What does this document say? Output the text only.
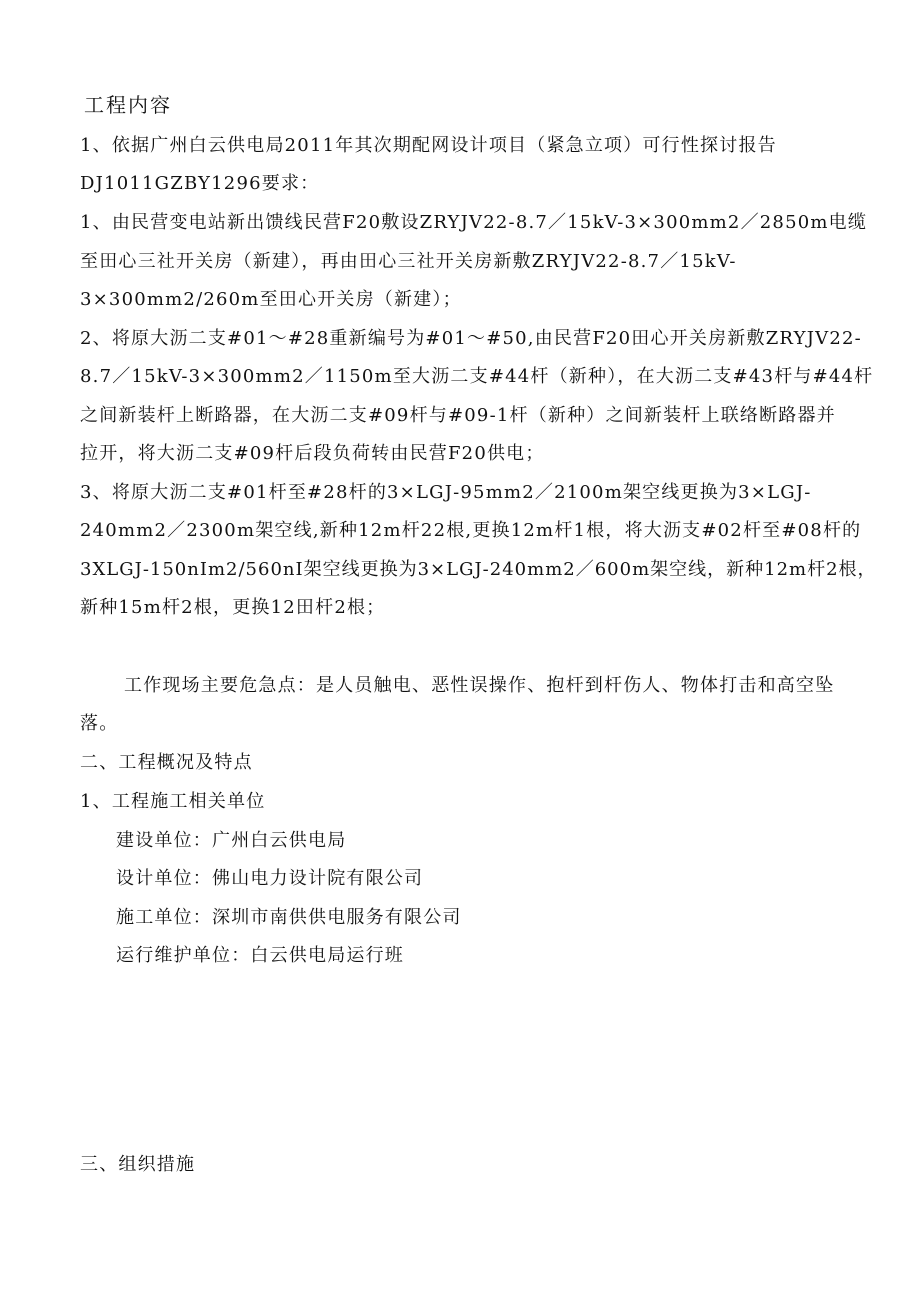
工程内容
1、依据广州白云供电局2011年其次期配网设计项目（紧急立项）可行性探讨报告
DJ1011GZBY1296要求：
1、由民营变电站新出馈线民营F20敷设ZRYJV22-8.7／15kV-3×300mm2／2850m电缆
至田心三社开关房（新建），再由田心三社开关房新敷ZRYJV22-8.7／15kV-
3×300mm2/260m至田心开关房（新建）；
2、将原大沥二支#01～#28重新编号为#01～#50,由民营F20田心开关房新敷ZRYJV22-
8.7／15kV-3×300mm2／1150m至大沥二支#44杆（新种），在大沥二支#43杆与#44杆
之间新装杆上断路器，在大沥二支#09杆与#09-1杆（新种）之间新装杆上联络断路器并
拉开，将大沥二支#09杆后段负荷转由民营F20供电；
3、将原大沥二支#01杆至#28杆的3×LGJ-95mm2／2100m架空线更换为3×LGJ-
240mm2／2300m架空线,新种12m杆22根,更换12m杆1根，将大沥支#02杆至#08杆的
3XLGJ-150nIm2/560nI架空线更换为3×LGJ-240mm2／600m架空线，新种12m杆2根，
新种15m杆2根，更换12田杆2根；
工作现场主要危急点：是人员触电、恶性误操作、抱杆到杆伤人、物体打击和高空坠
落。
二、工程概况及特点
1、工程施工相关单位
建设单位：广州白云供电局
设计单位：佛山电力设计院有限公司
施工单位：深圳市南供供电服务有限公司
运行维护单位：白云供电局运行班
三、组织措施
